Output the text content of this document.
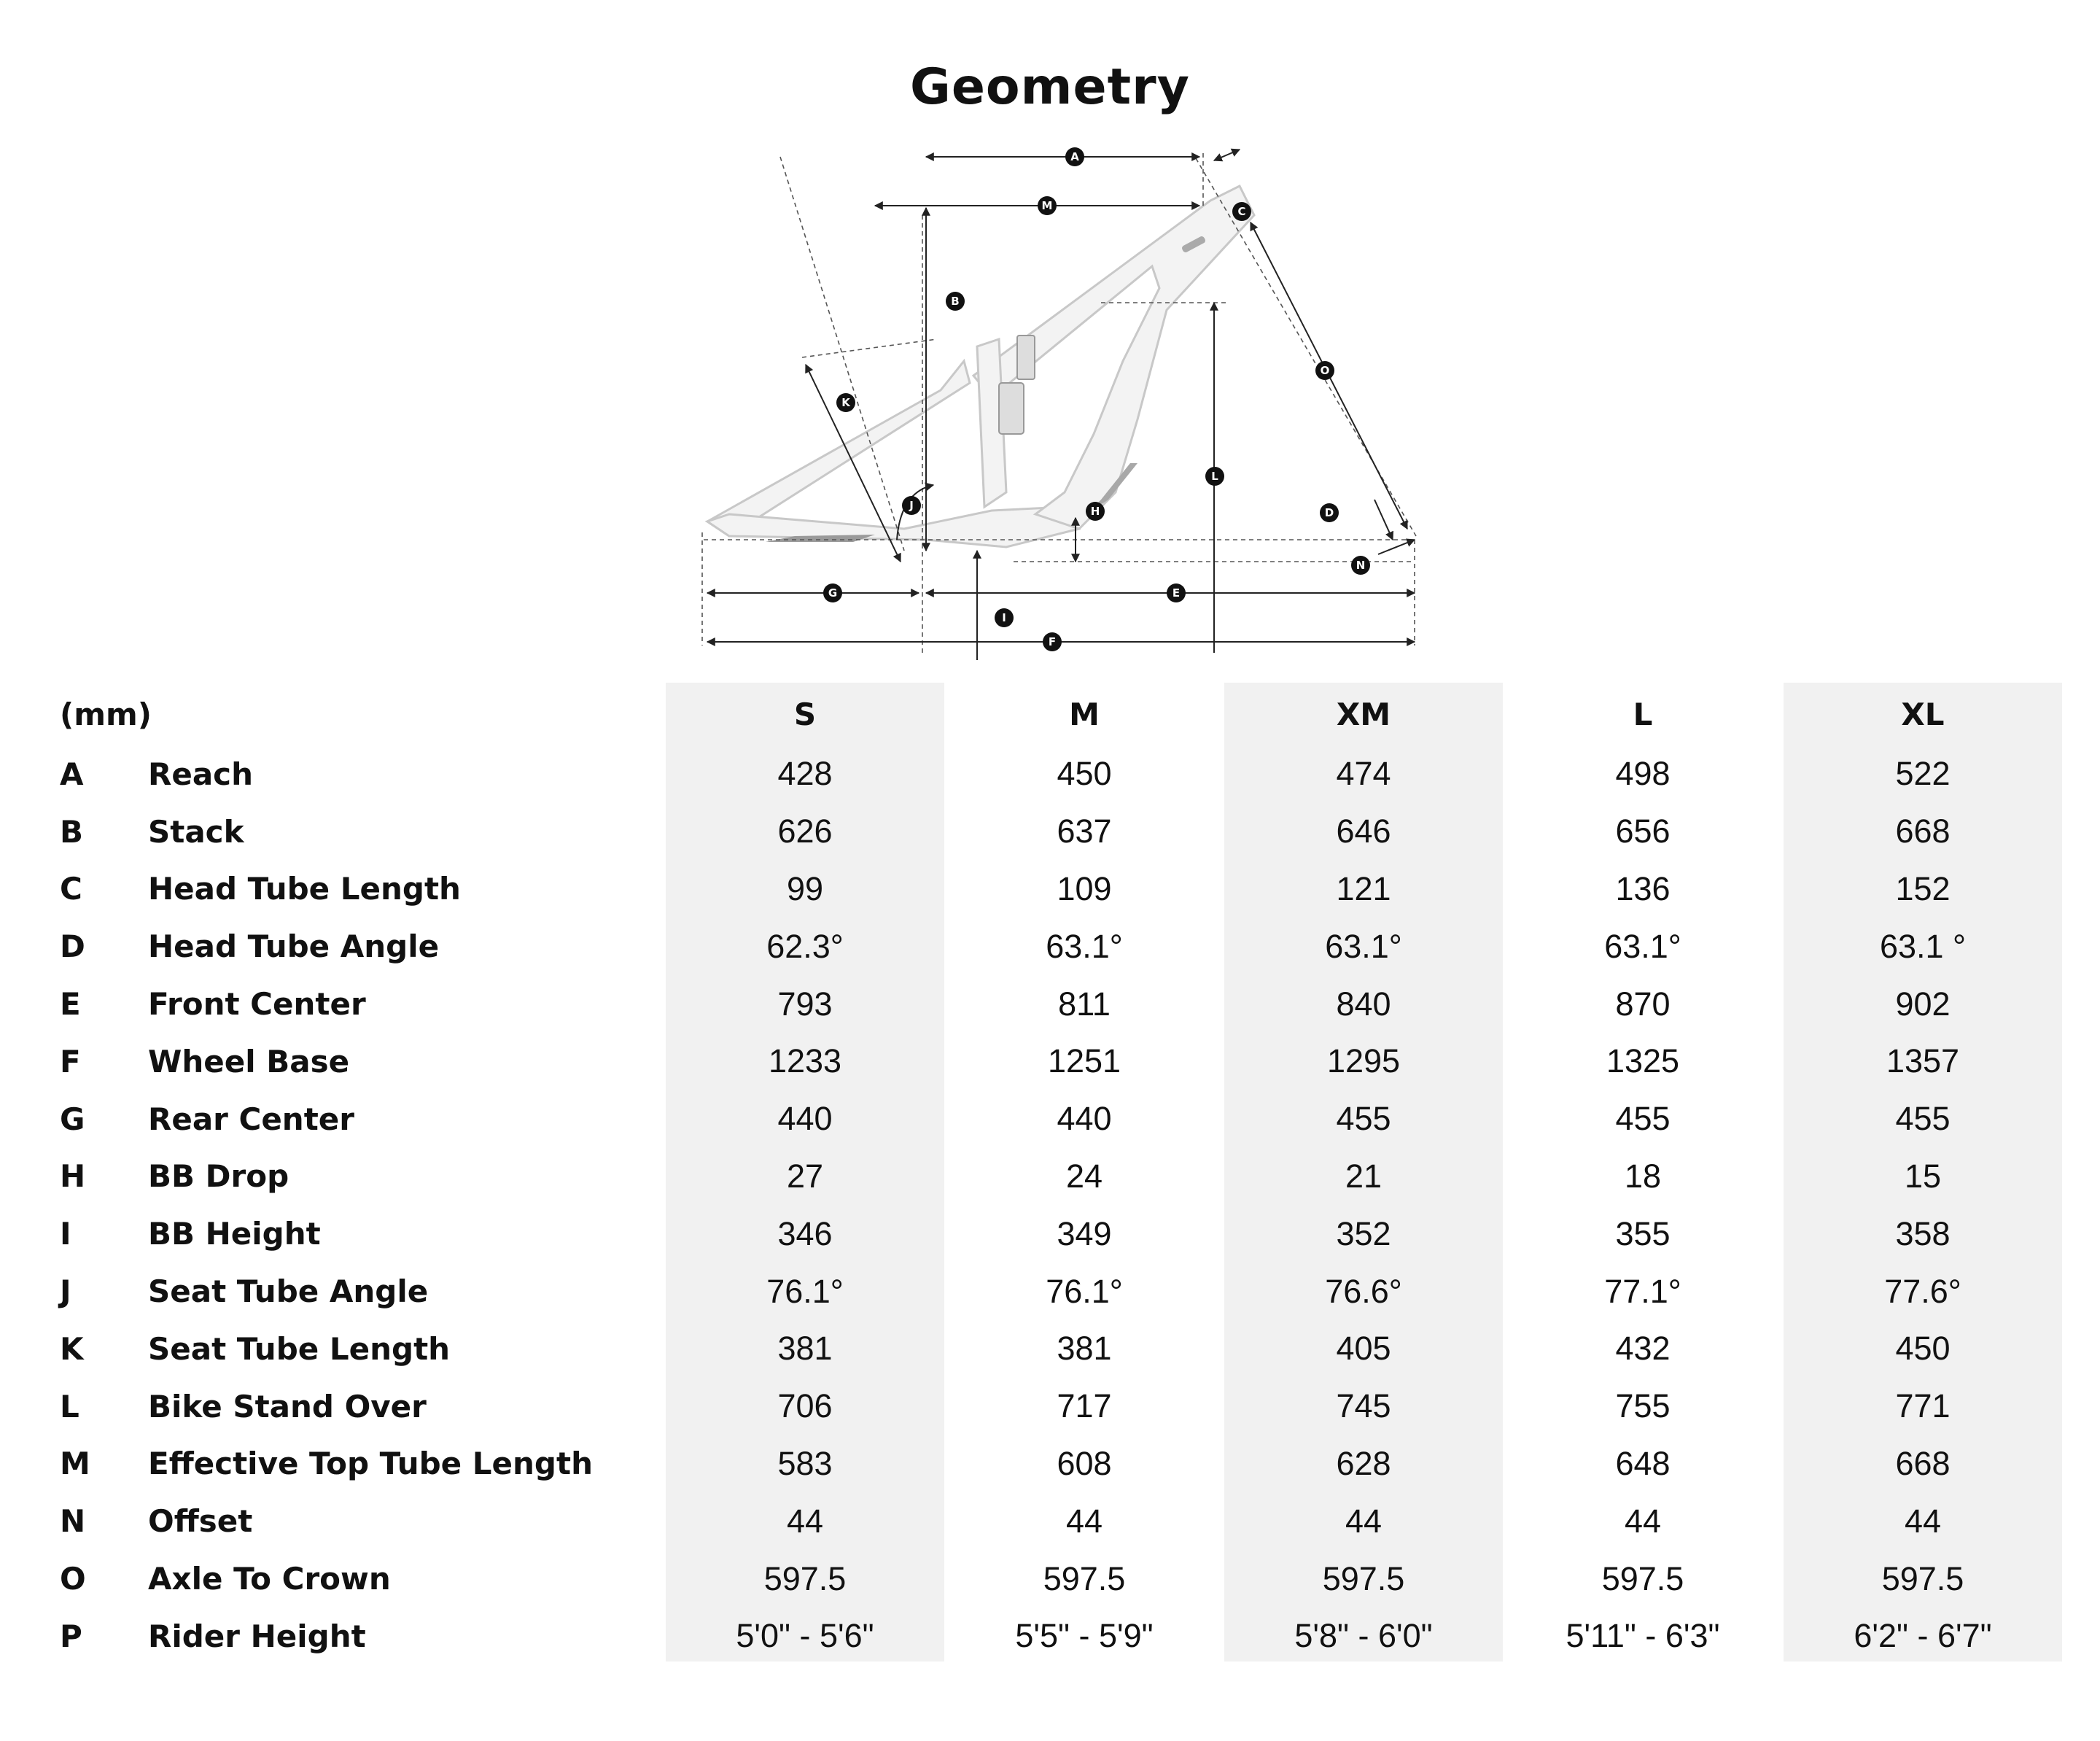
Geometry
A
M	C
B
O
K
L
J	H	D
N
G	E
I
F
(mm)	S	M	XM	L	XL
A	Reach	428	450	474	498	522
B	Stack	626	637	646	656	668
C	Head Tube Length	99	109	121	136	152
D	Head Tube Angle	62.3°	63.1°	63.1°	63.1°	63.1 °
E	Front Center	793	811	840	870	902
F	Wheel Base	1233	1251	1295	1325	1357
G	Rear Center	440	440	455	455	455
H	BB Drop	27	24	21	18	15
I	BB Height	346	349	352	355	358
J	Seat Tube Angle	76.1°	76.1°	76.6°	77.1°	77.6°
K	Seat Tube Length	381	381	405	432	450
L	Bike Stand Over	706	717	745	755	771
M	Effective Top Tube Length	583	608	628	648	668
N	Offset	44	44	44	44	44
O	Axle To Crown	597.5	597.5	597.5	597.5	597.5
P	Rider Height	5'0" - 5'6"	5'5" - 5'9"	5'8" - 6'0"	5'11" - 6'3"	6'2" - 6'7"
